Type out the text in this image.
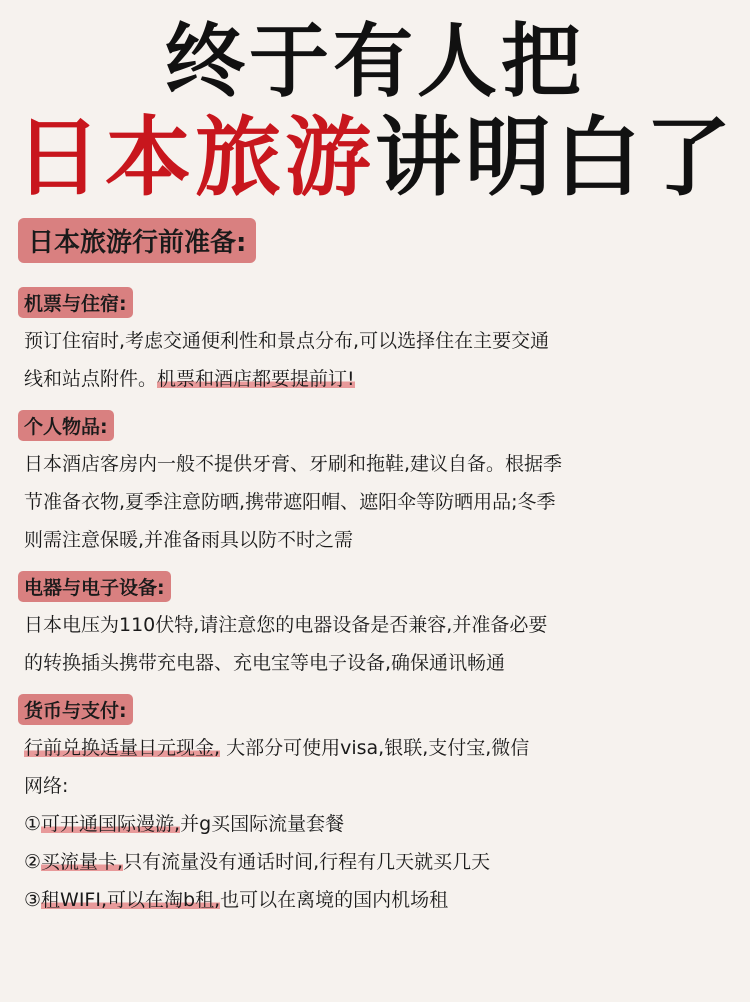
终于有人把
日本旅游讲明白了
日本旅游行前准备:
机票与住宿:
预订住宿时,考虑交通便利性和景点分布,可以选择住在主要交通
线和站点附件。机票和酒店都要提前订!
个人物品:
日本酒店客房内一般不提供牙膏、牙刷和拖鞋,建议自备。根据季
节准备衣物,夏季注意防晒,携带遮阳帽、遮阳伞等防晒用品;冬季
则需注意保暖,并准备雨具以防不时之需
电器与电子设备:
日本电压为110伏特,请注意您的电器设备是否兼容,并准备必要
的转换插头携带充电器、充电宝等电子设备,确保通讯畅通
货币与支付:
行前兑换适量日元现金, 大部分可使用visa,银联,支付宝,微信
网络:
①可开通国际漫游,并g买国际流量套餐
②买流量卡,只有流量没有通话时间,行程有几天就买几天
③租WIFI,可以在淘b租,也可以在离境的国内机场租
